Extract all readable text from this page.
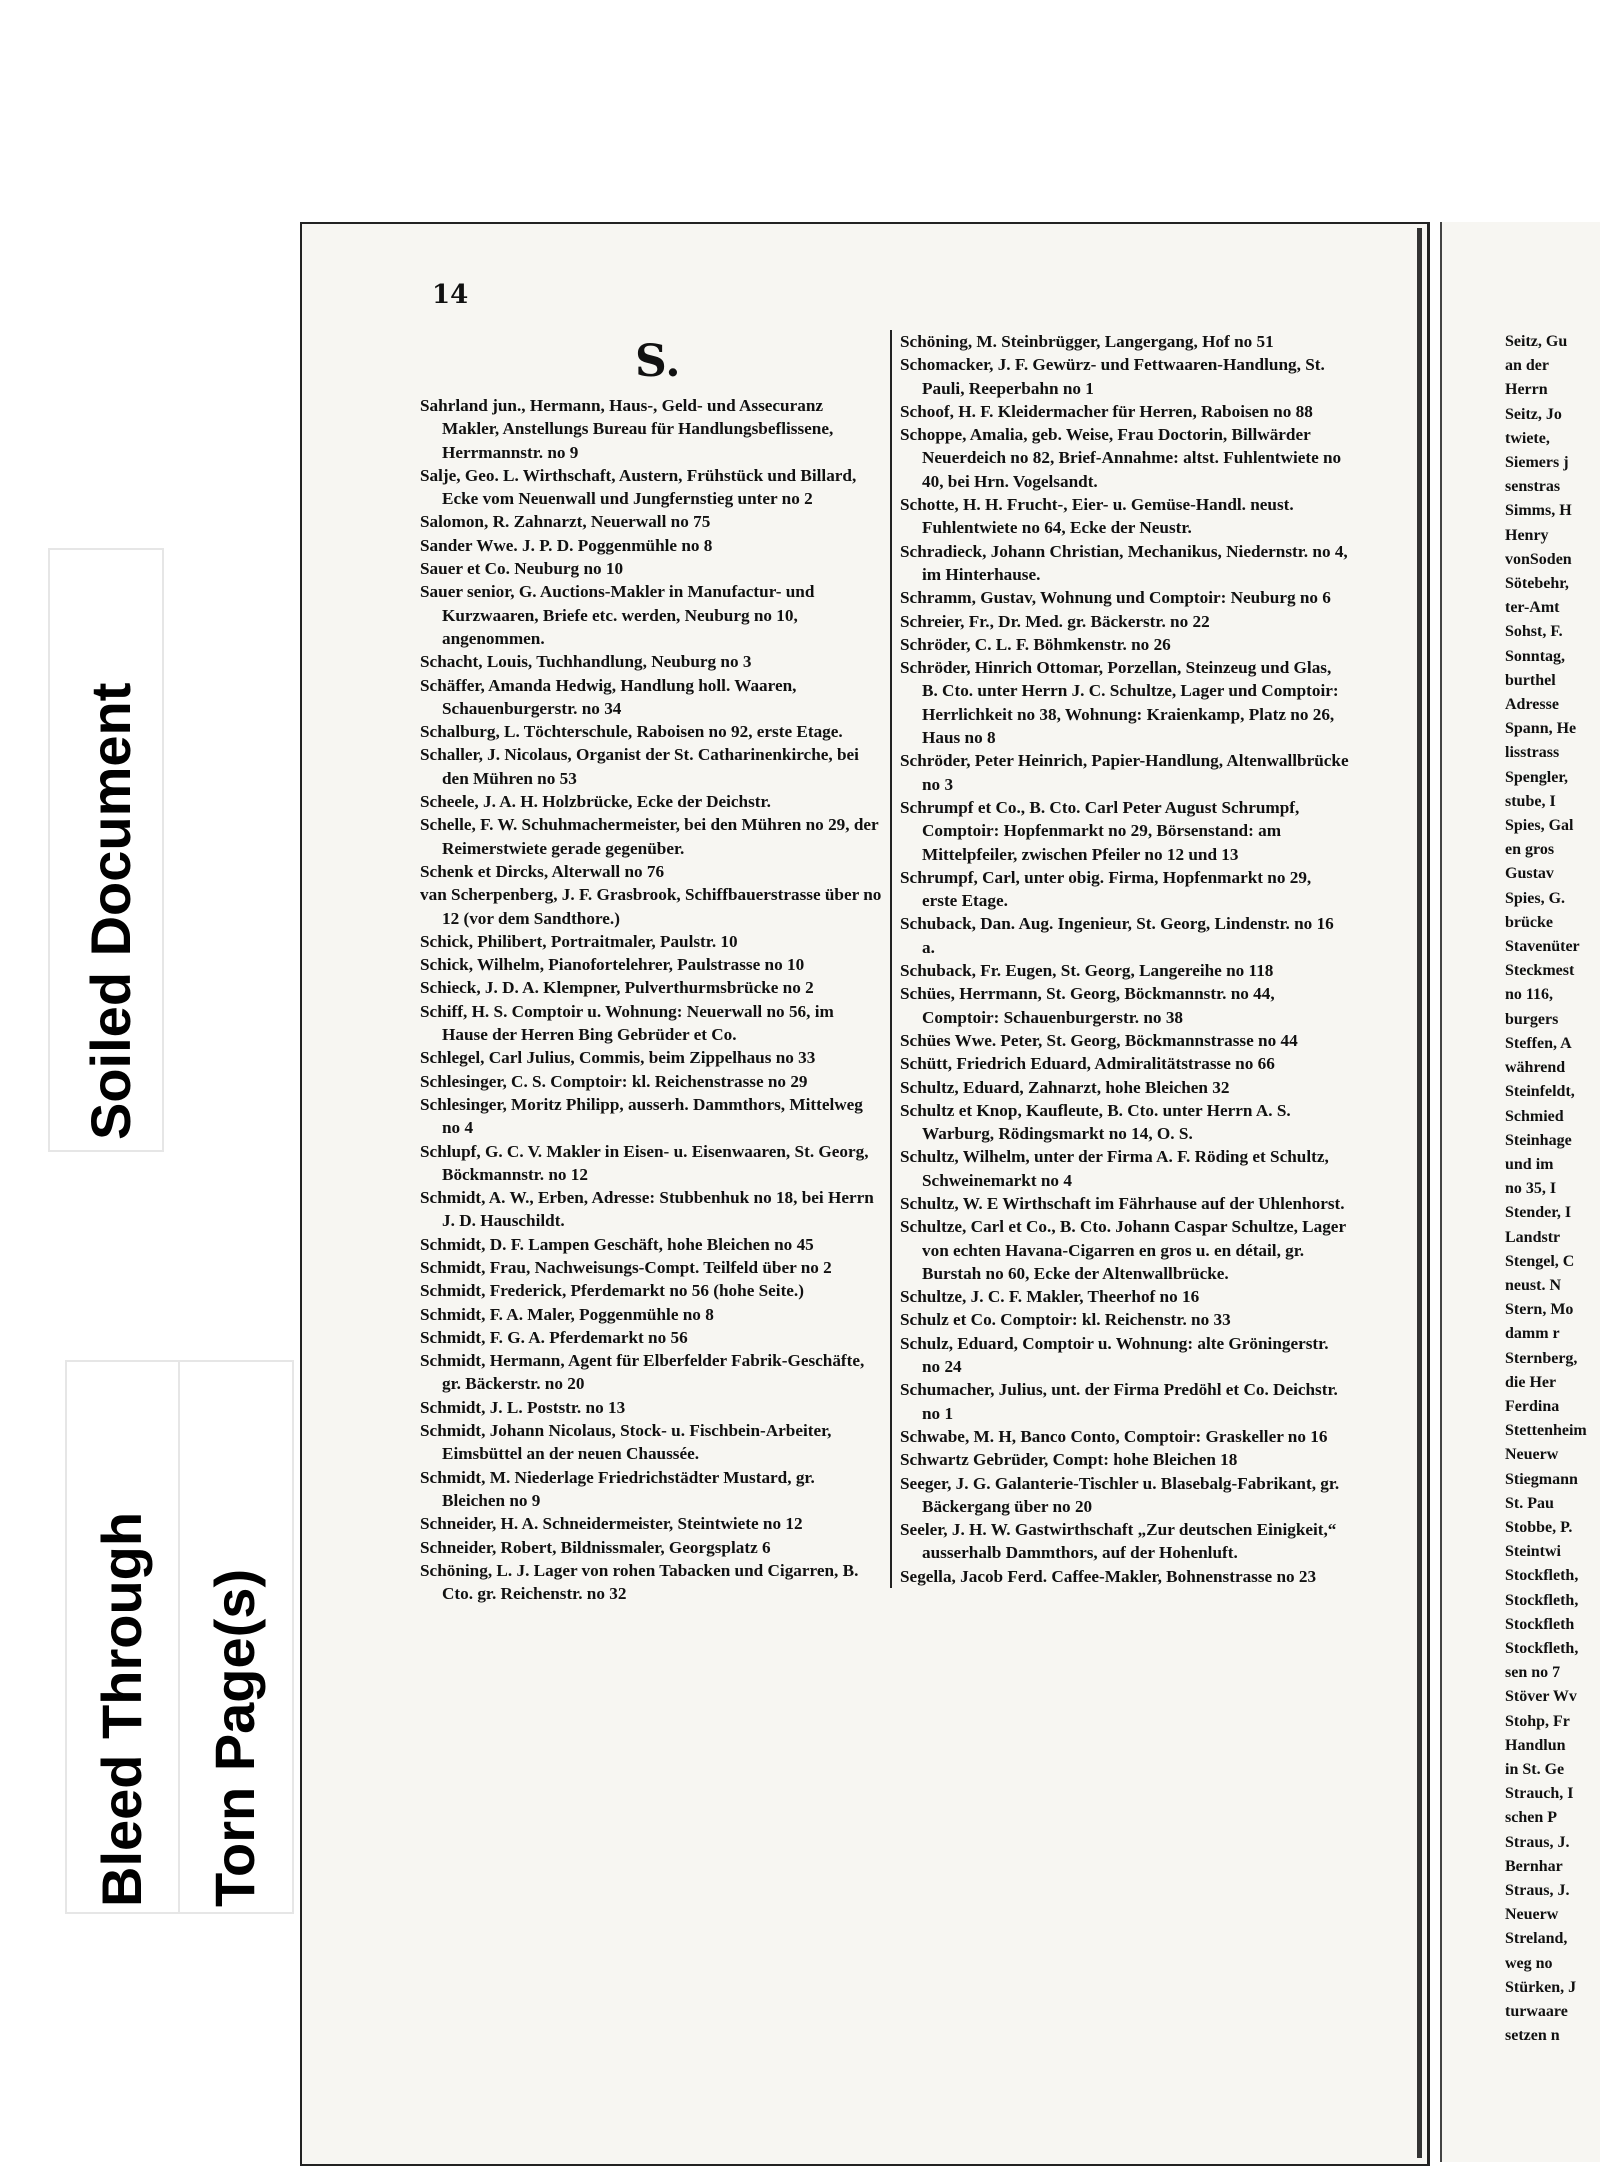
14
S.
Sahrland jun., Hermann, Haus-, Geld- und Assecuranz Makler, Anstellungs Bureau für Handlungsbeflissene, Herrmannstr. no 9
Salje, Geo. L. Wirthschaft, Austern, Frühstück und Billard, Ecke vom Neuenwall und Jungfernstieg unter no 2
Salomon, R. Zahnarzt, Neuerwall no 75
Sander Wwe. J. P. D. Poggenmühle no 8
Sauer et Co. Neuburg no 10
Sauer senior, G. Auctions-Makler in Manufactur- und Kurzwaaren, Briefe etc. werden, Neuburg no 10, angenommen.
Schacht, Louis, Tuchhandlung, Neuburg no 3
Schäffer, Amanda Hedwig, Handlung holl. Waaren, Schauenburgerstr. no 34
Schalburg, L. Töchterschule, Raboisen no 92, erste Etage.
Schaller, J. Nicolaus, Organist der St. Catharinenkirche, bei den Mühren no 53
Scheele, J. A. H. Holzbrücke, Ecke der Deichstr.
Schelle, F. W. Schuhmachermeister, bei den Mühren no 29, der Reimerstwiete gerade gegenüber.
Schenk et Dircks, Alterwall no 76
van Scherpenberg, J. F. Grasbrook, Schiffbauerstrasse über no 12 (vor dem Sandthore.)
Schick, Philibert, Portraitmaler, Paulstr. 10
Schick, Wilhelm, Pianofortelehrer, Paulstrasse no 10
Schieck, J. D. A. Klempner, Pulverthurmsbrücke no 2
Schiff, H. S. Comptoir u. Wohnung: Neuerwall no 56, im Hause der Herren Bing Gebrüder et Co.
Schlegel, Carl Julius, Commis, beim Zippelhaus no 33
Schlesinger, C. S. Comptoir: kl. Reichenstrasse no 29
Schlesinger, Moritz Philipp, ausserh. Dammthors, Mittelweg no 4
Schlupf, G. C. V. Makler in Eisen- u. Eisenwaaren, St. Georg, Böckmannstr. no 12
Schmidt, A. W., Erben, Adresse: Stubbenhuk no 18, bei Herrn J. D. Hauschildt.
Schmidt, D. F. Lampen Geschäft, hohe Bleichen no 45
Schmidt, Frau, Nachweisungs-Compt. Teilfeld über no 2
Schmidt, Frederick, Pferdemarkt no 56 (hohe Seite.)
Schmidt, F. A. Maler, Poggenmühle no 8
Schmidt, F. G. A. Pferdemarkt no 56
Schmidt, Hermann, Agent für Elberfelder Fabrik-Geschäfte, gr. Bäckerstr. no 20
Schmidt, J. L. Poststr. no 13
Schmidt, Johann Nicolaus, Stock- u. Fischbein-Arbeiter, Eimsbüttel an der neuen Chaussée.
Schmidt, M. Niederlage Friedrichstädter Mustard, gr. Bleichen no 9
Schneider, H. A. Schneidermeister, Steintwiete no 12
Schneider, Robert, Bildnissmaler, Georgsplatz 6
Schöning, L. J. Lager von rohen Tabacken und Cigarren, B. Cto. gr. Reichenstr. no 32
Schöning, M. Steinbrügger, Langergang, Hof no 51
Schomacker, J. F. Gewürz- und Fettwaaren-Handlung, St. Pauli, Reeperbahn no 1
Schoof, H. F. Kleidermacher für Herren, Raboisen no 88
Schoppe, Amalia, geb. Weise, Frau Doctorin, Billwärder Neuerdeich no 82, Brief-Annahme: altst. Fuhlentwiete no 40, bei Hrn. Vogelsandt.
Schotte, H. H. Frucht-, Eier- u. Gemüse-Handl. neust. Fuhlentwiete no 64, Ecke der Neustr.
Schradieck, Johann Christian, Mechanikus, Niedernstr. no 4, im Hinterhause.
Schramm, Gustav, Wohnung und Comptoir: Neuburg no 6
Schreier, Fr., Dr. Med. gr. Bäckerstr. no 22
Schröder, C. L. F. Böhmkenstr. no 26
Schröder, Hinrich Ottomar, Porzellan, Steinzeug und Glas, B. Cto. unter Herrn J. C. Schultze, Lager und Comptoir: Herrlichkeit no 38, Wohnung: Kraienkamp, Platz no 26, Haus no 8
Schröder, Peter Heinrich, Papier-Handlung, Altenwallbrücke no 3
Schrumpf et Co., B. Cto. Carl Peter August Schrumpf, Comptoir: Hopfenmarkt no 29, Börsenstand: am Mittelpfeiler, zwischen Pfeiler no 12 und 13
Schrumpf, Carl, unter obig. Firma, Hopfenmarkt no 29, erste Etage.
Schuback, Dan. Aug. Ingenieur, St. Georg, Lindenstr. no 16 a.
Schuback, Fr. Eugen, St. Georg, Langereihe no 118
Schües, Herrmann, St. Georg, Böckmannstr. no 44, Comptoir: Schauenburgerstr. no 38
Schües Wwe. Peter, St. Georg, Böckmannstrasse no 44
Schütt, Friedrich Eduard, Admiralitätstrasse no 66
Schultz, Eduard, Zahnarzt, hohe Bleichen 32
Schultz et Knop, Kaufleute, B. Cto. unter Herrn A. S. Warburg, Rödingsmarkt no 14, O. S.
Schultz, Wilhelm, unter der Firma A. F. Röding et Schultz, Schweinemarkt no 4
Schultz, W. E Wirthschaft im Fährhause auf der Uhlenhorst.
Schultze, Carl et Co., B. Cto. Johann Caspar Schultze, Lager von echten Havana-Cigarren en gros u. en détail, gr. Burstah no 60, Ecke der Altenwallbrücke.
Schultze, J. C. F. Makler, Theerhof no 16
Schulz et Co. Comptoir: kl. Reichenstr. no 33
Schulz, Eduard, Comptoir u. Wohnung: alte Gröningerstr. no 24
Schumacher, Julius, unt. der Firma Predöhl et Co. Deichstr. no 1
Schwabe, M. H, Banco Conto, Comptoir: Graskeller no 16
Schwartz Gebrüder, Compt: hohe Bleichen 18
Seeger, J. G. Galanterie-Tischler u. Blasebalg-Fabrikant, gr. Bäckergang über no 20
Seeler, J. H. W. Gastwirthschaft „Zur deutschen Einigkeit,“ ausserhalb Dammthors, auf der Hohenluft.
Segella, Jacob Ferd. Caffee-Makler, Bohnenstrasse no 23
Seitz, Gu
an der
Herrn
Seitz, Jo
twiete,
Siemers j
senstras
Simms, H
Henry
vonSoden
Sötebehr,
ter-Amt
Sohst, F.
Sonntag,
burthel
Adresse
Spann, He
lisstrass
Spengler,
stube, I
Spies, Gal
en gros
Gustav
Spies, G.
brücke
Stavenüter
Steckmest
no 116,
burgers
Steffen, A
während
Steinfeldt,
Schmied
Steinhage
und im
no 35, I
Stender, I
Landstr
Stengel, C
neust. N
Stern, Mo
damm r
Sternberg,
die Her
Ferdina
Stettenheim
Neuerw
Stiegmann
St. Pau
Stobbe, P.
Steintwi
Stockfleth,
Stockfleth,
Stockfleth
Stockfleth,
sen no 7
Stöver Wv
Stohp, Fr
Handlun
in St. Ge
Strauch, I
schen P
Straus, J.
Bernhar
Straus, J.
Neuerw
Streland,
weg no
Stürken, J
turwaare
setzen n
Soiled Document
Bleed Through Torn Page(s)
